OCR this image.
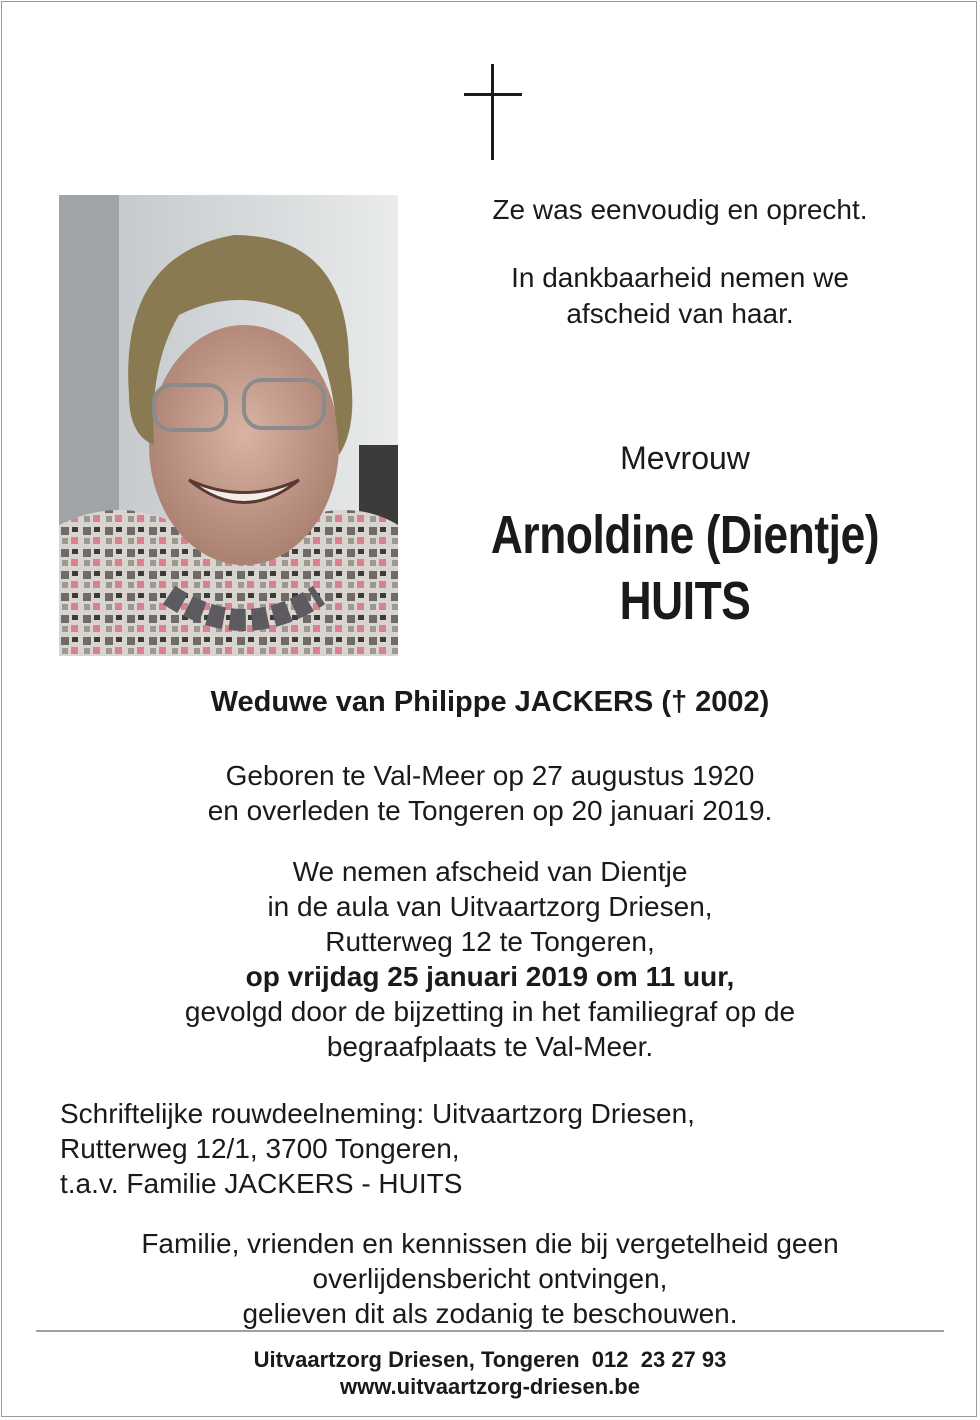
Ze was eenvoudig en oprecht.
In dankbaarheid nemen we
afscheid van haar.
Mevrouw
Arnoldine (Dientje)
HUITS
Weduwe van Philippe JACKERS († 2002)
Geboren te Val-Meer op 27 augustus 1920
en overleden te Tongeren op 20 januari 2019.
We nemen afscheid van Dientje
in de aula van Uitvaartzorg Driesen,
Rutterweg 12 te Tongeren,
op vrijdag 25 januari 2019 om 11 uur,
gevolgd door de bijzetting in het familiegraf op de
begraafplaats te Val-Meer.
Schriftelijke rouwdeelneming: Uitvaartzorg Driesen,
Rutterweg 12/1, 3700 Tongeren,
t.a.v. Familie JACKERS - HUITS
Familie, vrienden en kennissen die bij vergetelheid geen
overlijdensbericht ontvingen,
gelieven dit als zodanig te beschouwen.
Uitvaartzorg Driesen, Tongeren  012  23 27 93
www.uitvaartzorg-driesen.be
